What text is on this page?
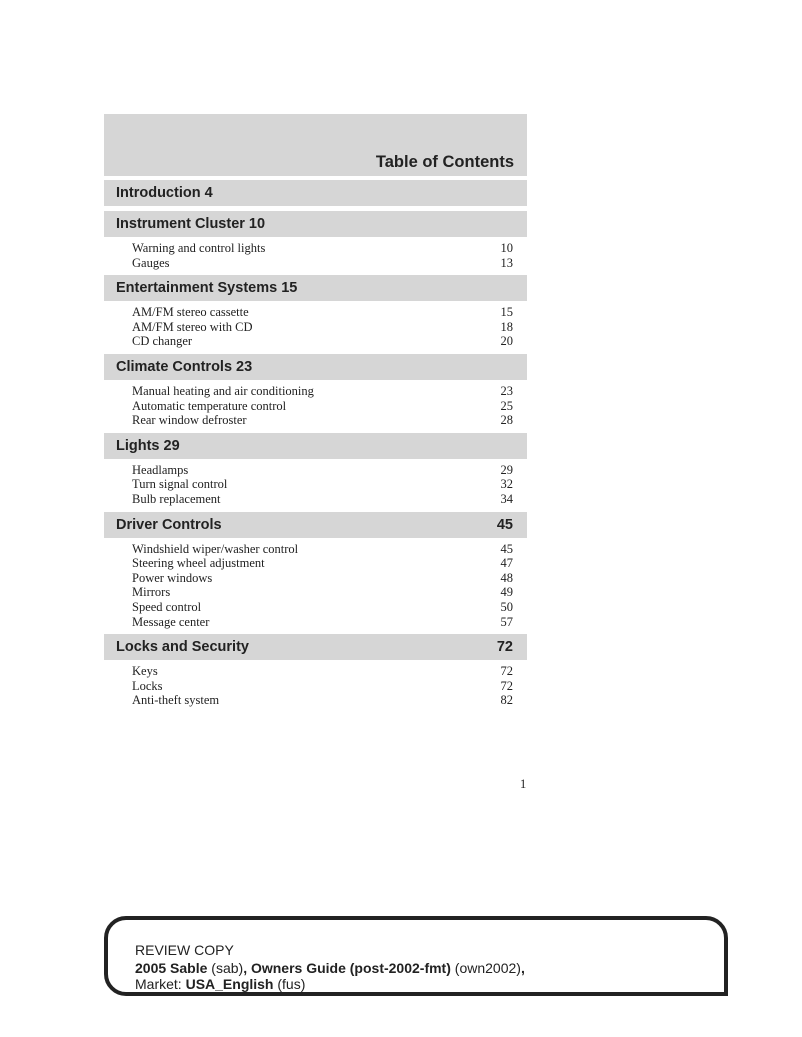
Table of Contents
Introduction 4
Instrument Cluster 10
Warning and control lights	10
Gauges	13
Entertainment Systems 15
AM/FM stereo cassette	15
AM/FM stereo with CD	18
CD changer	20
Climate Controls 23
Manual heating and air conditioning	23
Automatic temperature control	25
Rear window defroster	28
Lights 29
Headlamps	29
Turn signal control	32
Bulb replacement	34
Driver Controls	45
Windshield wiper/washer control	45
Steering wheel adjustment	47
Power windows	48
Mirrors	49
Speed control	50
Message center	57
Locks and Security	72
Keys	72
Locks	72
Anti-theft system	82
1
REVIEW COPY
2005 Sable (sab), Owners Guide (post-2002-fmt) (own2002),
Market: USA_English (fus)
